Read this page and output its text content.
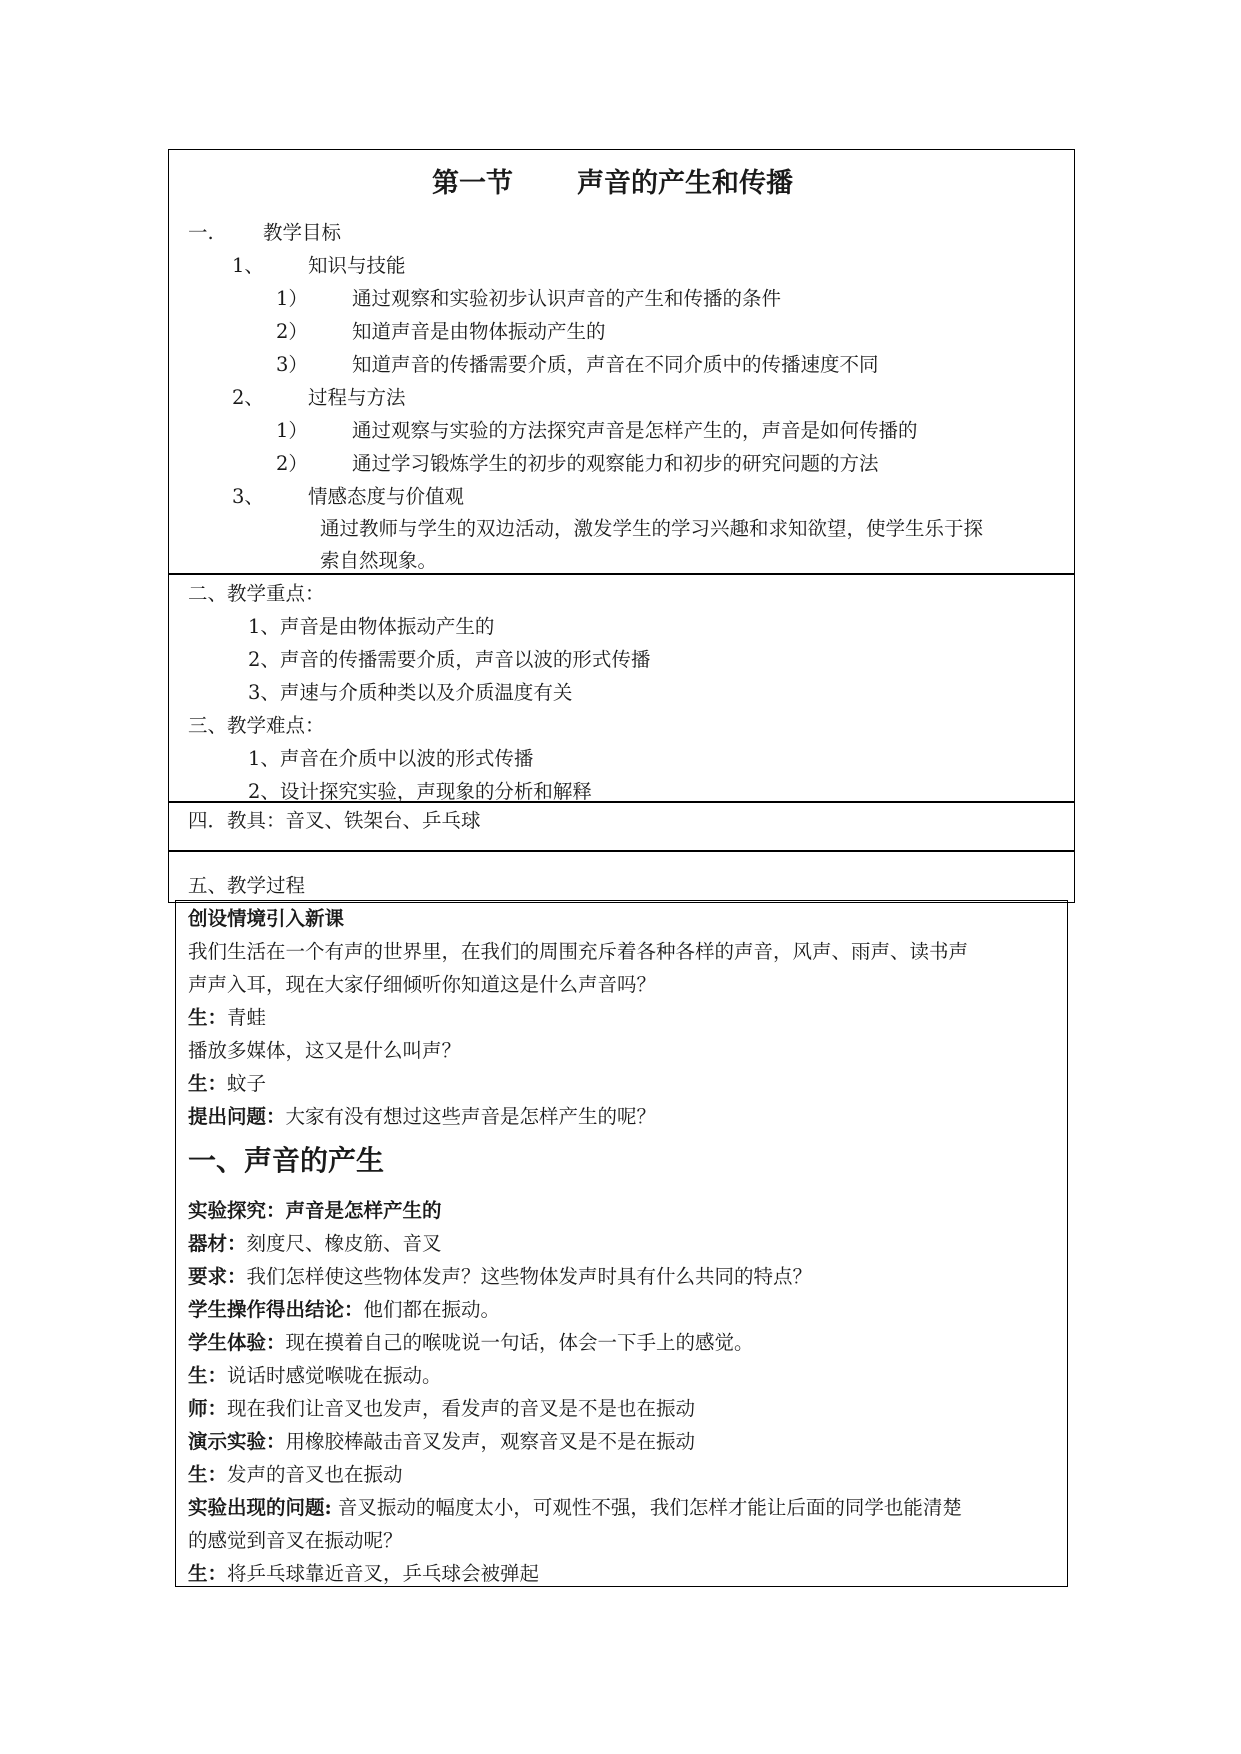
第一节 声音的产生和传播
一.	教学目标
1、 知识与技能
1） 通过观察和实验初步认识声音的产生和传播的条件
2） 知道声音是由物体振动产生的
3） 知道声音的传播需要介质，声音在不同介质中的传播速度不同
2、 过程与方法
1） 通过观察与实验的方法探究声音是怎样产生的，声音是如何传播的
2） 通过学习锻炼学生的初步的观察能力和初步的研究问题的方法
3、 情感态度与价值观
通过教师与学生的双边活动，激发学生的学习兴趣和求知欲望，使学生乐于探
索自然现象。
二、教学重点：
1、声音是由物体振动产生的
2、声音的传播需要介质，声音以波的形式传播
3、声速与介质种类以及介质温度有关
三、教学难点：
1、声音在介质中以波的形式传播
2、设计探究实验，声现象的分析和解释
四．教具：音叉、铁架台、乒乓球
五、教学过程
创设情境引入新课
我们生活在一个有声的世界里，在我们的周围充斥着各种各样的声音，风声、雨声、读书声
声声入耳，现在大家仔细倾听你知道这是什么声音吗？
生：青蛙
播放多媒体，这又是什么叫声？
生：蚊子
提出问题：大家有没有想过这些声音是怎样产生的呢？
一、声音的产生
实验探究：声音是怎样产生的
器材：刻度尺、橡皮筋、音叉
要求：我们怎样使这些物体发声？这些物体发声时具有什么共同的特点？
学生操作得出结论：他们都在振动。
学生体验：现在摸着自己的喉咙说一句话，体会一下手上的感觉。
生：说话时感觉喉咙在振动。
师：现在我们让音叉也发声，看发声的音叉是不是也在振动
演示实验：用橡胶棒敲击音叉发声，观察音叉是不是在振动
生：发声的音叉也在振动
实验出现的问题: 音叉振动的幅度太小，可观性不强，我们怎样才能让后面的同学也能清楚
的感觉到音叉在振动呢？
生：将乒乓球靠近音叉，乒乓球会被弹起
